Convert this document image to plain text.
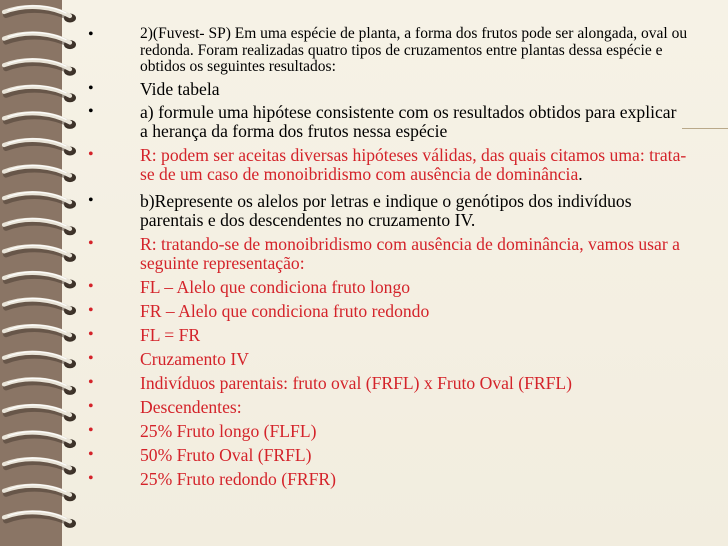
•	2)(Fuvest- SP) Em uma espécie de planta, a forma dos frutos pode ser alongada, oval ou redonda. Foram realizadas quatro tipos de cruzamentos entre plantas dessa espécie e obtidos os seguintes resultados:
•	Vide tabela
•	a) formule uma hipótese consistente com os resultados obtidos para explicar a herança da forma dos frutos nessa espécie
•	R: podem ser aceitas diversas hipóteses válidas, das quais citamos uma: trata-se de um caso de monoibridismo com ausência de dominância.
•	b)Represente os alelos por letras e indique o genótipos dos indivíduos parentais e dos descendentes no cruzamento IV.
•	R: tratando-se de monoibridismo com ausência de dominância, vamos usar a seguinte representação:
•	FL – Alelo que condiciona fruto longo
•	FR – Alelo que condiciona fruto redondo
•	FL = FR
•	Cruzamento IV
•	Indivíduos parentais: fruto oval (FRFL) x Fruto Oval (FRFL)
•	Descendentes:
•	25% Fruto longo (FLFL)
•	50% Fruto Oval (FRFL)
•	25% Fruto redondo (FRFR)
